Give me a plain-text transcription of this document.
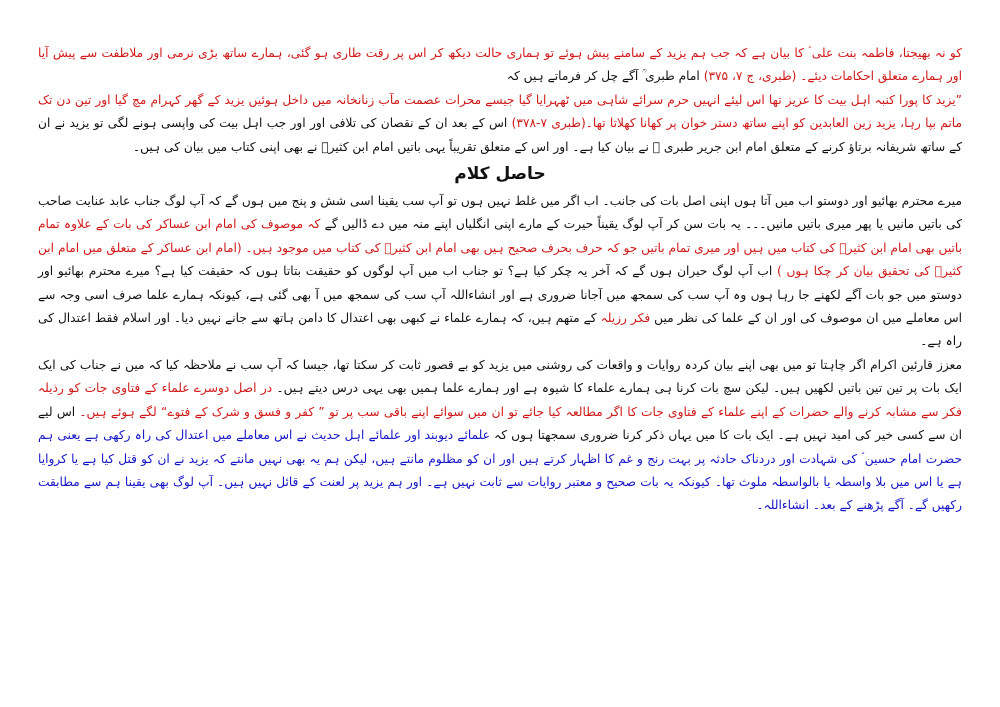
کو نہ بھیجتا، فاطمہ بنت علی ؑ کا بیان ہے کہ جب ہم یزید کے سامنے پیش ہوئے تو ہماری حالت دیکھ کر اس پر رقت طاری ہو گئی، ہمارے ساتھ بڑی نرمی اور ملاطفت سے پیش آیا اور ہمارے متعلق احکامات دیئے۔ (طبری، ج ۷، ۳۷۵) امام طبری ؒ آگے چل کر فرماتے ہیں کہ

”یزید کا پورا کنبہ اہل بیت کا عزیز تھا اس لیئے انہیں حرم سرائے شاہی میں ٹھہرایا گیا جیسے محرات عصمت مآب زنانخانہ میں داخل ہوئیں یزید کے گھر کہرام مچ گیا اور تین دن تک ماتم بپا رہا، یزید زین العابدین کو اپنے ساتھ دستر خوان پر کھانا کھلاتا تھا۔(طبری ۷-۳۷۸) اس کے بعد ان کے نقصان کی تلافی اور اور جب اہل بیت کی واپسی ہونے لگی تو یزید نے ان کے ساتھ شریفانہ برتاؤ کرنے کے متعلق امام ابن جریر طبری ؒ نے بیان کیا ہے۔ اور اس کے متعلق تقریباً یہی باتیں امام ابن کثیرؒ نے بھی اپنی کتاب میں بیان کی ہیں۔

حاصل کلام

میرے محترم بھائیو اور دوستو اب میں آتا ہوں اپنی اصل بات کی جانب۔ اب اگر میں غلط نہیں ہوں تو آپ سب یقینا اسی شش و پنج میں ہوں گے کہ آپ لوگ جناب عابد عنایت صاحب کی باتیں مانیں یا پھر میری باتیں مانیں۔۔۔ یہ بات سن کر آپ لوگ یقیناً حیرت کے مارے اپنی انگلیاں اپنے منہ میں دے ڈالیں گے کہ موصوف کی امام ابن عساکر کی بات کے علاوہ تمام باتیں بھی امام ابن کثیرؒ کی کتاب میں ہیں اور میری تمام باتیں جو کہ حرف بحرف صحیح ہیں بھی امام ابن کثیرؒ کی کتاب میں موجود ہیں۔ (امام ابن عساکر کے متعلق میں امام ابن کثیرؒ کی تحقیق بیان کر چکا ہوں ) اب آپ لوگ حیران ہوں گے کہ آخر یہ چکر کیا ہے؟ تو جناب اب میں آپ لوگوں کو حقیقت بتاتا ہوں کہ حقیقت کیا ہے؟ میرے محترم بھائیو اور دوستو میں جو بات آگے لکھنے جا رہا ہوں وہ آپ سب کی سمجھ میں آجانا ضروری ہے اور انشاءاللہ آپ سب کی سمجھ میں آ بھی گئی ہے، کیونکہ ہمارے علما صرف اسی وجہ سے اس معاملے میں ان موصوف کی اور ان کے علما کی نظر میں فکر رزیلہ کے متھم ہیں، کہ ہمارے علماء نے کبھی بھی اعتدال کا دامن ہاتھ سے جانے نہیں دیا۔ اور اسلام فقط اعتدال کی راہ ہے۔

معزز قارئین اکرام اگر چاہتا تو میں بھی اپنے بیان کردہ روایات و واقعات کی روشنی میں یزید کو بے قصور ثابت کر سکتا تھا، جیسا کہ آپ سب نے ملاحظہ کیا کہ میں نے جناب کی ایک ایک بات پر تین تین باتیں لکھیں ہیں۔ لیکن سچ بات کرنا ہی ہمارے علماء کا شیوہ ہے اور ہمارے علما ہمیں بھی یہی درس دیتے ہیں۔ در اصل دوسرے علماء کے فتاوی جات کو رذیلہ فکر سے مشابہ کرنے والے حضرات کے اپنے علماء کے فتاوی جات کا اگر مطالعہ کیا جائے تو ان میں سوائے اپنے باقی سب پر تو ” کفر و فسق و شرک کے فتوے“ لگے ہوئے ہیں۔ اس لیے ان سے کسی خیر کی امید نہیں ہے۔ ایک بات کا میں یہاں ذکر کرنا ضروری سمجھتا ہوں کہ علمائے دیوبند اور علمائے اہل حدیث نے اس معاملے میں اعتدال کی راہ رکھی ہے یعنی ہم حضرت امام حسین ؑ کی شہادت اور دردناک حادثہ پر بہت رنج و غم کا اظہار کرتے ہیں اور ان کو مظلوم مانتے ہیں، لیکن ہم یہ بھی نہیں مانتے کہ یزید نے ان کو قتل کیا ہے یا کروایا ہے یا اس میں بلا واسطہ یا بالواسطہ ملوث تھا۔ کیونکہ یہ بات صحیح و معتبر روایات سے ثابت نہیں ہے۔ اور ہم یزید پر لعنت کے قائل نہیں ہیں۔ آپ لوگ بھی یقینا ہم سے مطابقت رکھیں گے۔ آگے پڑھنے کے بعد۔ انشاءاللہ۔
